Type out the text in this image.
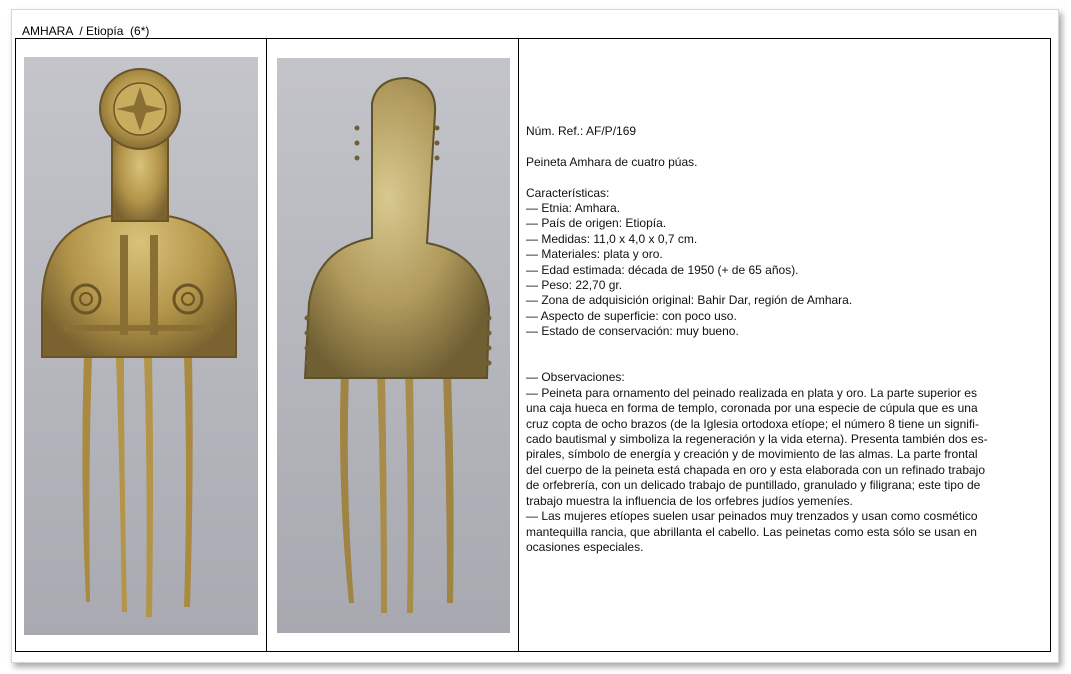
AMHARA  / Etiopía  (6*)

Núm. Ref.: AF/P/169

Peineta Amhara de cuatro púas.

Características:

— Etnia: Amhara.

— País de origen: Etiopía.

— Medidas: 11,0 x 4,0 x 0,7 cm.

— Materiales: plata y oro.

— Edad estimada: década de 1950 (+ de 65 años).

— Peso: 22,70 gr.

— Zona de adquisición original: Bahir Dar, región de Amhara.

— Aspecto de superficie: con poco uso.

— Estado de conservación: muy bueno.

— Observaciones:

— Peineta para ornamento del peinado realizada en plata y oro. La parte superior es

una caja hueca en forma de templo, coronada por una especie de cúpula que es una

cruz copta de ocho brazos (de la Iglesia ortodoxa etíope; el número 8 tiene un signifi-

cado bautismal y simboliza la regeneración y la vida eterna). Presenta también dos es-

pirales, símbolo de energía y creación y de movimiento de las almas. La parte frontal

del cuerpo de la peineta está chapada en oro y esta elaborada con un refinado trabajo

de orfebrería, con un delicado trabajo de puntillado, granulado y filigrana; este tipo de

trabajo muestra la influencia de los orfebres judíos yemeníes.

— Las mujeres etíopes suelen usar peinados muy trenzados y usan como cosmético

mantequilla rancia, que abrillanta el cabello. Las peinetas como esta sólo se usan en

ocasiones especiales.
